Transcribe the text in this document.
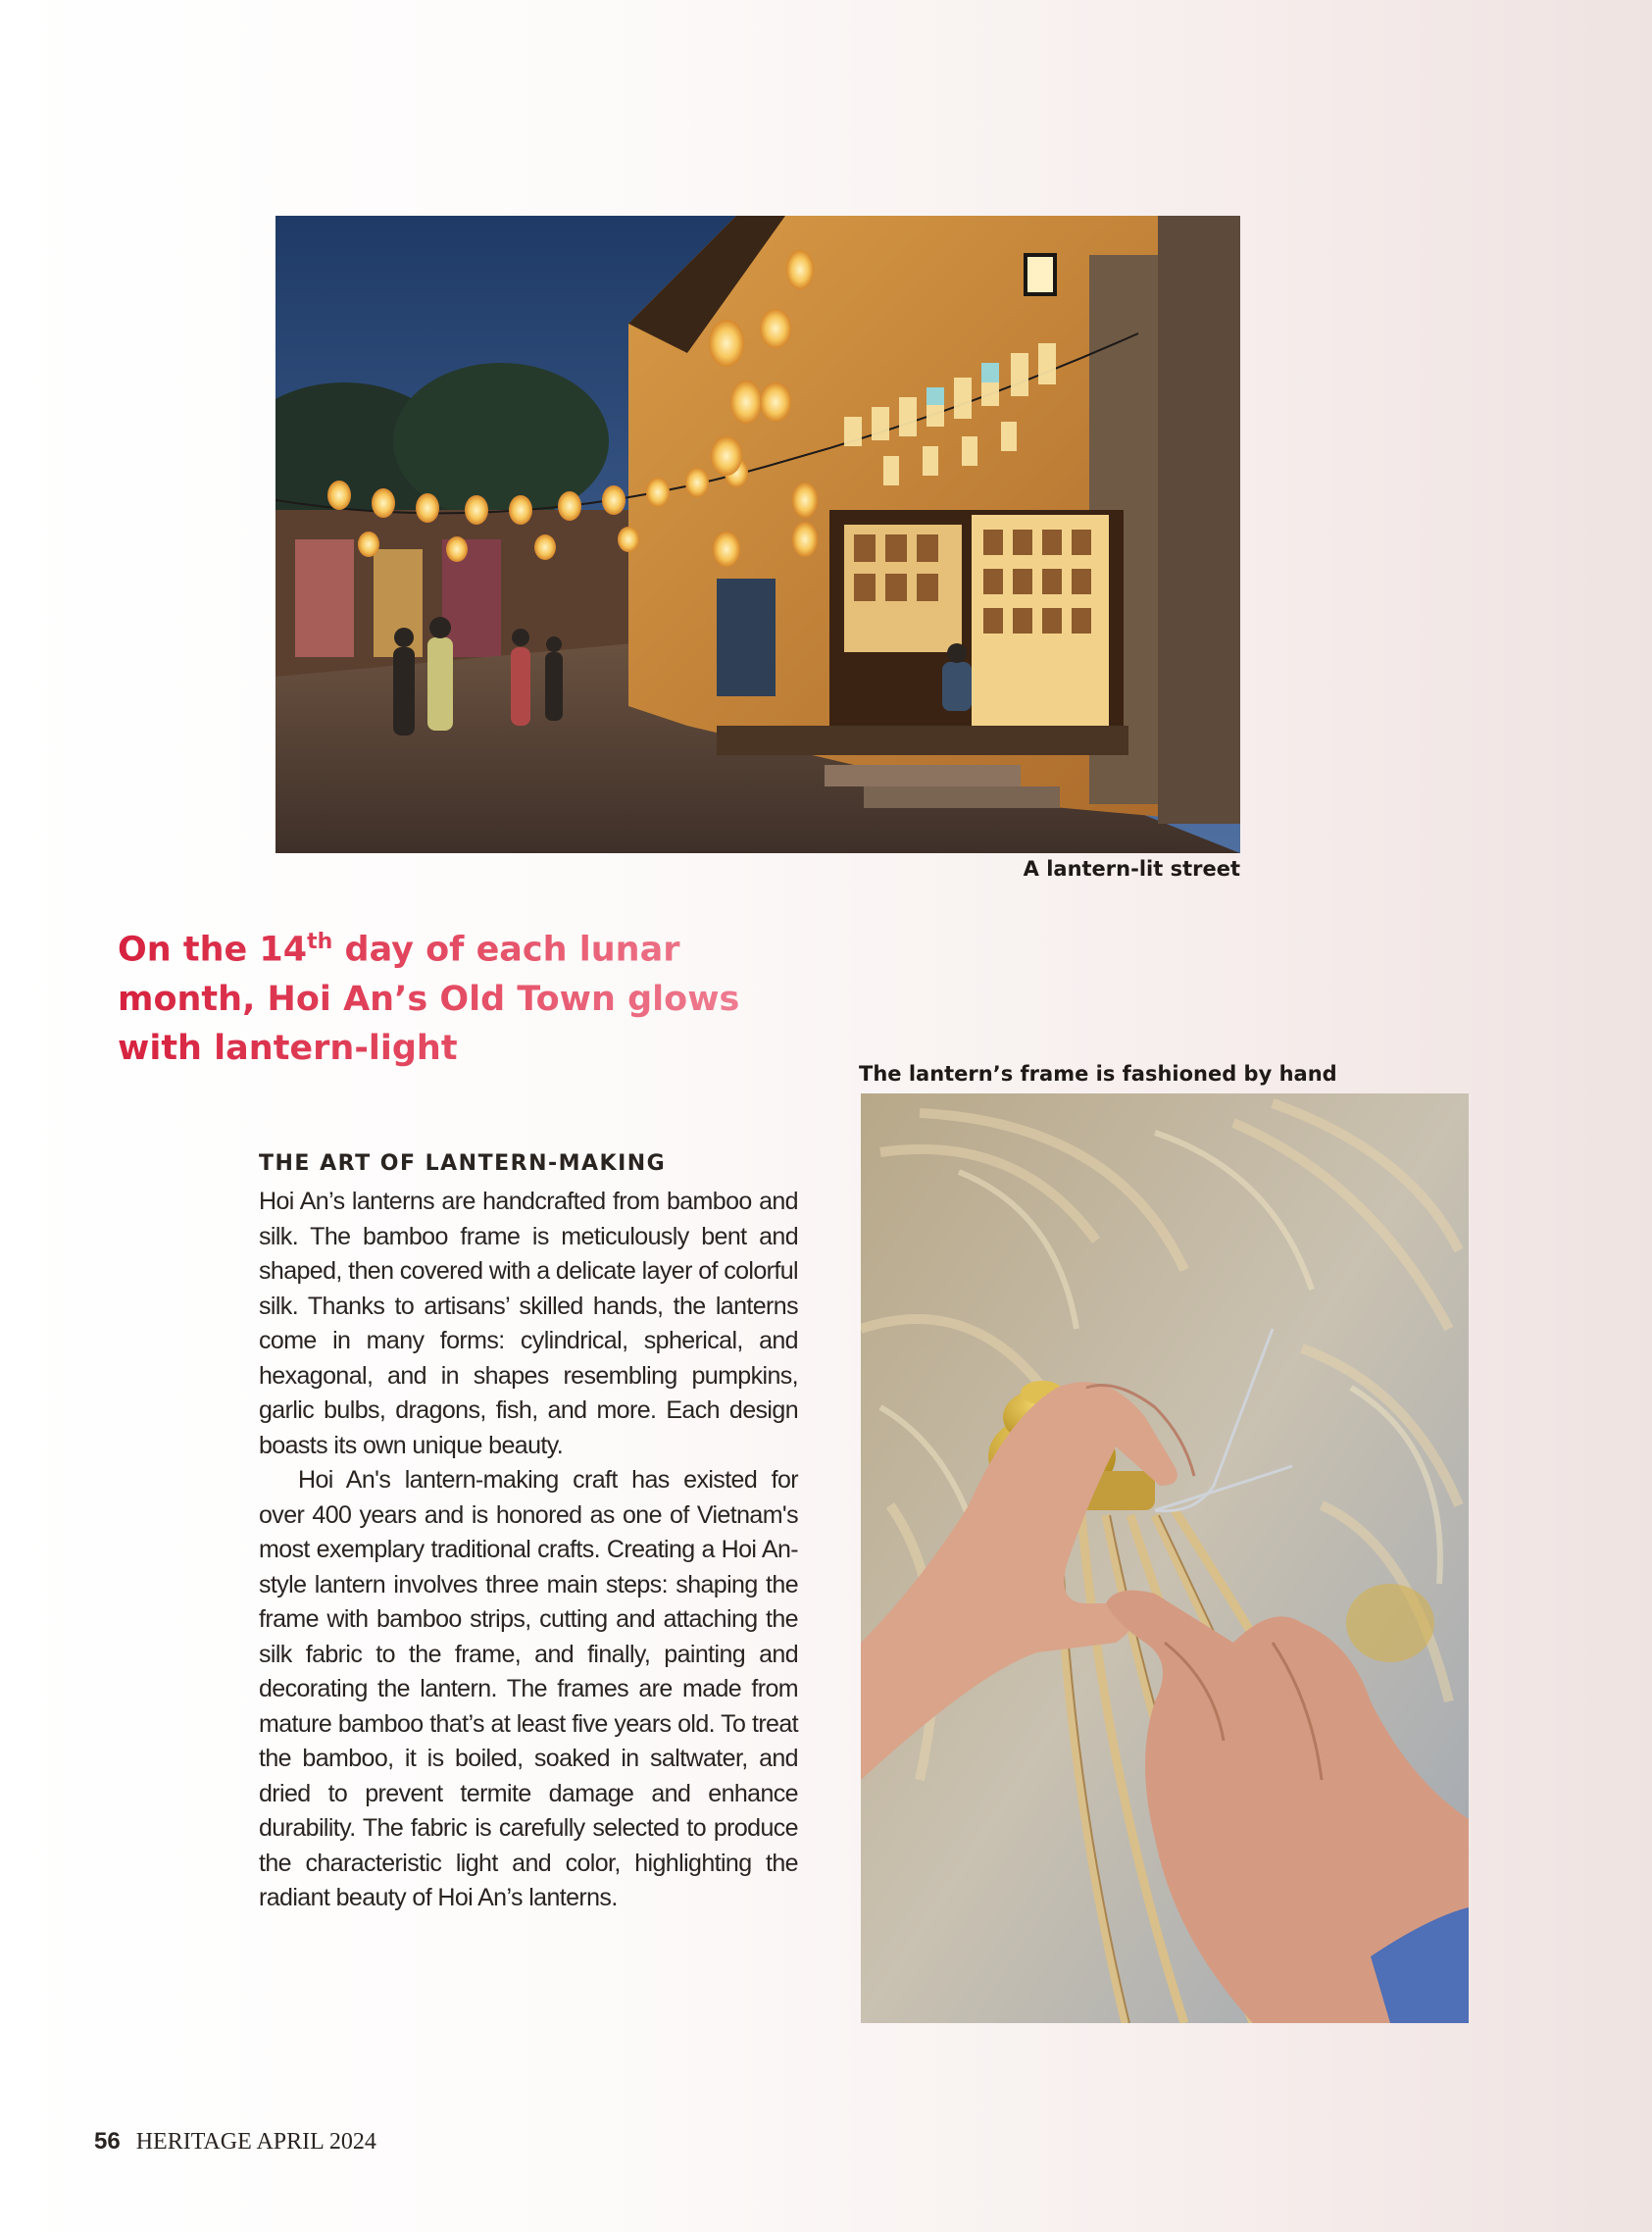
A lantern-lit street

On the 14th day of each lunar month, Hoi An’s Old Town glows with lantern-light

The lantern’s frame is fashioned by hand

THE ART OF LANTERN-MAKING

Hoi An’s lanterns are handcrafted from bamboo and silk. The bamboo frame is meticulously bent and shaped, then covered with a delicate layer of colorful silk. Thanks to artisans’ skilled hands, the lanterns come in many forms: cylindrical, spherical, and hexagonal, and in shapes resembling pumpkins, garlic bulbs, dragons, fish, and more. Each design boasts its own unique beauty.

Hoi An's lantern-making craft has existed for over 400 years and is honored as one of Vietnam's most exemplary traditional crafts. Creating a Hoi An-style lantern involves three main steps: shaping the frame with bamboo strips, cutting and attaching the silk fabric to the frame, and finally, painting and decorating the lantern. The frames are made from mature bamboo that’s at least five years old. To treat the bamboo, it is boiled, soaked in saltwater, and dried to prevent termite damage and enhance durability. The fabric is carefully selected to produce the characteristic light and color, highlighting the radiant beauty of Hoi An’s lanterns.

56 HERITAGE APRIL 2024
